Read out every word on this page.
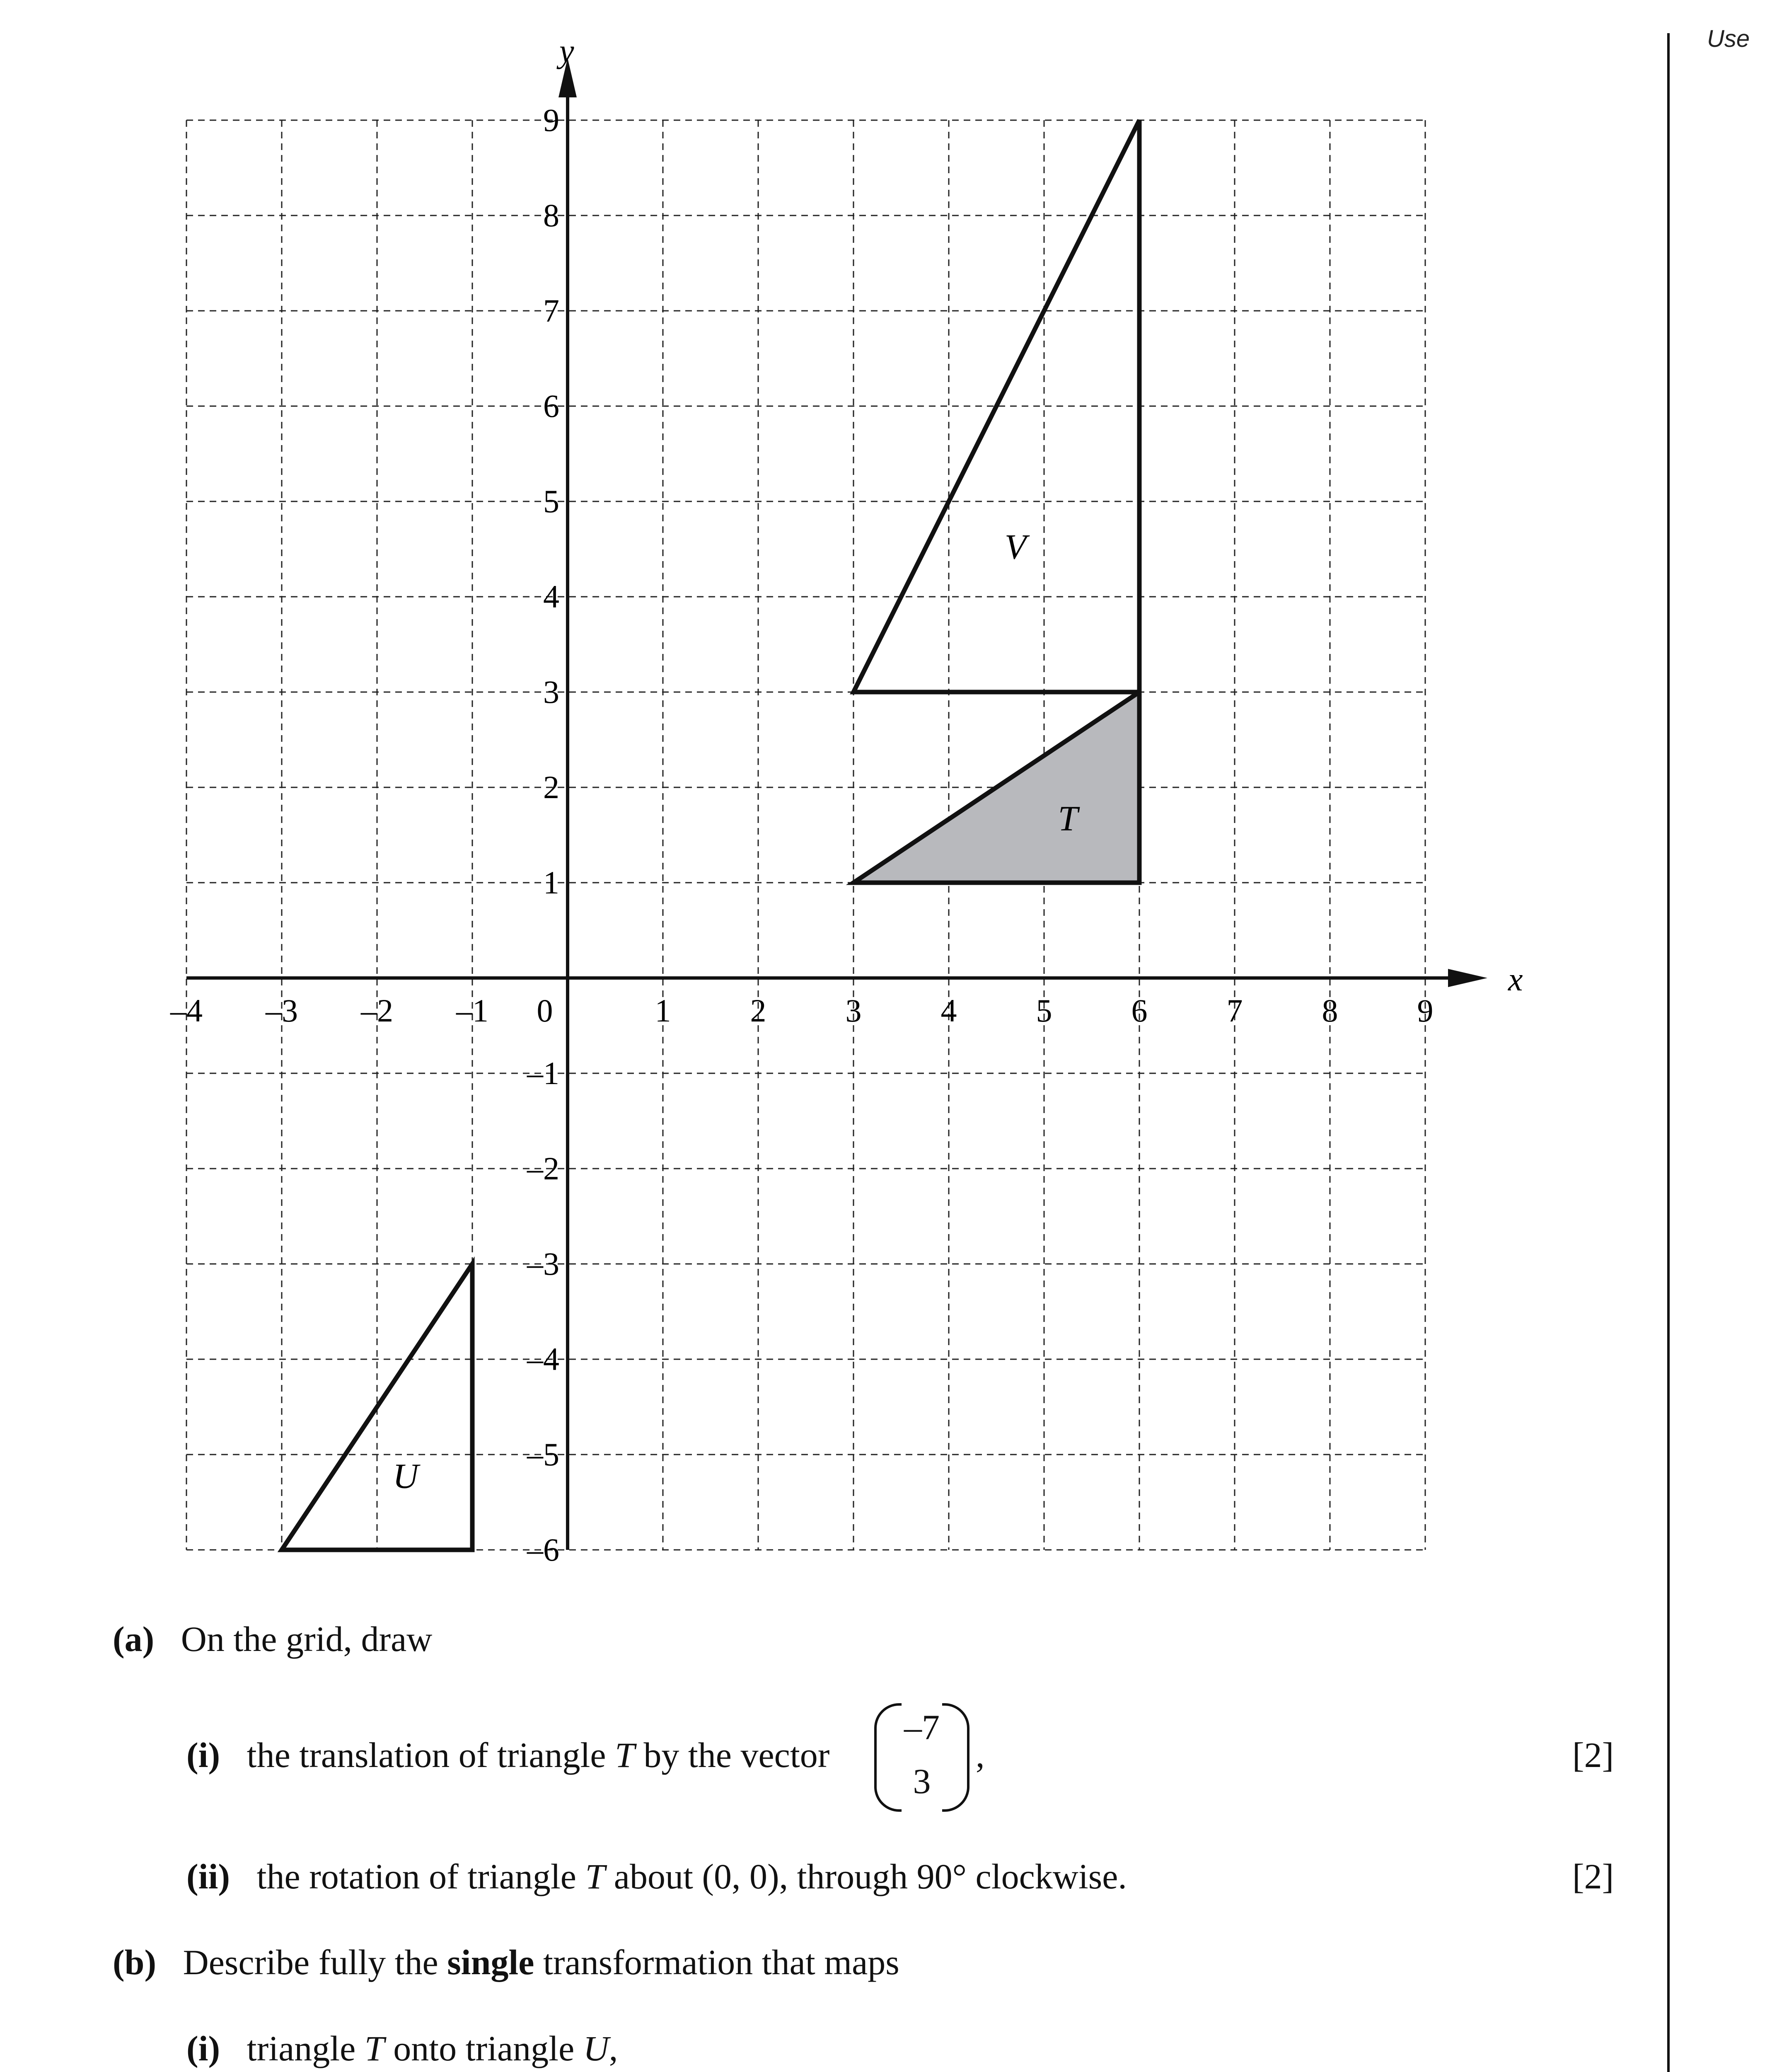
Use
V
T
U
x
y
–4 –3 –2 –1 0	1 2 3 4 5 6 7 8 9
1
2
3
4
5
6
7
8
9
–1
–2
–3
–4
–5
–6
(a) On the grid, draw
(i) the translation of triangle T by the vector
–7
3
,	[2]
(ii) the rotation of triangle T about (0, 0), through 90° clockwise.	[2]
(b) Describe fully the single transformation that maps
(i) triangle T onto triangle U,
